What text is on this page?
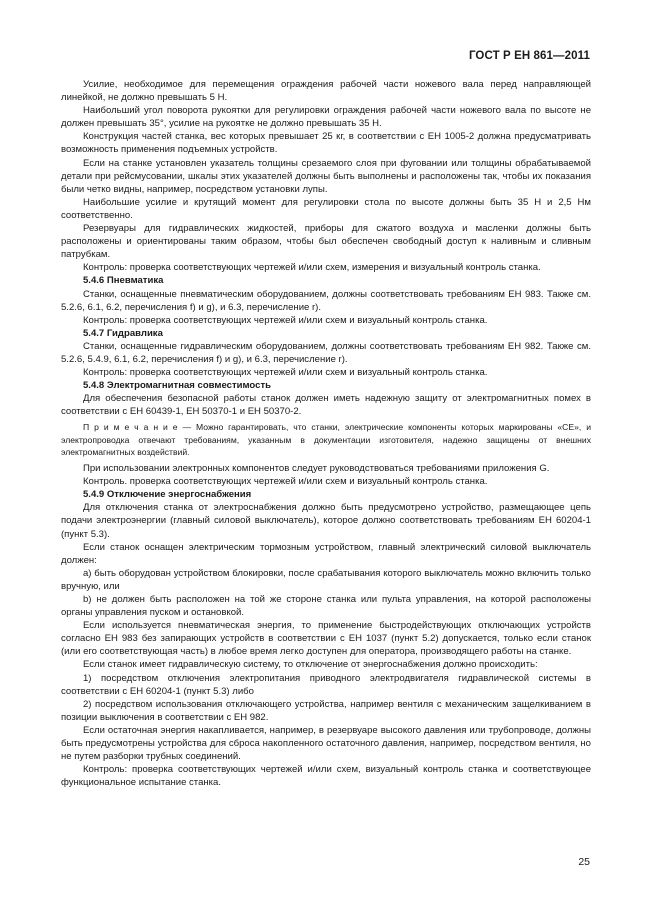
ГОСТ Р ЕН 861—2011

Усилие, необходимое для перемещения ограждения рабочей части ножевого вала перед направляющей линейкой, не должно превышать 5 Н.

Наибольший угол поворота рукоятки для регулировки ограждения рабочей части ножевого вала по высоте не должен превышать 35°, усилие на рукоятке не должно превышать 35 Н.

Конструкция частей станка, вес которых превышает 25 кг, в соответствии с ЕН 1005-2 должна предусматривать возможность применения подъемных устройств.

Если на станке установлен указатель толщины срезаемого слоя при фуговании или толщины обрабатываемой детали при рейсмусовании, шкалы этих указателей должны быть выполнены и расположены так, чтобы их показания были четко видны, например, посредством установки лупы.

Наибольшие усилие и крутящий момент для регулировки стола по высоте должны быть 35 Н и 2,5 Нм соответственно.

Резервуары для гидравлических жидкостей, приборы для сжатого воздуха и масленки должны быть расположены и ориентированы таким образом, чтобы был обеспечен свободный доступ к наливным и сливным патрубкам.

Контроль: проверка соответствующих чертежей и/или схем, измерения и визуальный контроль станка.

5.4.6 Пневматика

Станки, оснащенные пневматическим оборудованием, должны соответствовать требованиям ЕН 983. Также см. 5.2.6, 6.1, 6.2, перечисления f) и g), и 6.3, перечисление r).

Контроль: проверка соответствующих чертежей и/или схем и визуальный контроль станка.

5.4.7 Гидравлика

Станки, оснащенные гидравлическим оборудованием, должны соответствовать требованиям ЕН 982. Также см. 5.2.6, 5.4.9, 6.1, 6.2, перечисления f) и g), и 6.3, перечисление r).

Контроль: проверка соответствующих чертежей и/или схем и визуальный контроль станка.

5.4.8 Электромагнитная совместимость

Для обеспечения безопасной работы станок должен иметь надежную защиту от электромагнитных помех в соответствии с ЕН 60439-1, ЕН 50370-1 и ЕН 50370-2.

П р и м е ч а н и е — Можно гарантировать, что станки, электрические компоненты которых маркированы «СЕ», и электропроводка отвечают требованиям, указанным в документации изготовителя, надежно защищены от внешних электромагнитных воздействий.

При использовании электронных компонентов следует руководствоваться требованиями приложения G.

Контроль. проверка соответствующих чертежей и/или схем и визуальный контроль станка.

5.4.9 Отключение энергоснабжения

Для отключения станка от электроснабжения должно быть предусмотрено устройство, размещающее цепь подачи электроэнергии (главный силовой выключатель), которое должно соответствовать требованиям ЕН 60204-1 (пункт 5.3).

Если станок оснащен электрическим тормозным устройством, главный электрический силовой выключатель должен:

а) быть оборудован устройством блокировки, после срабатывания которого выключатель можно включить только вручную, или

b) не должен быть расположен на той же стороне станка или пульта управления, на которой расположены органы управления пуском и остановкой.

Если используется пневматическая энергия, то применение быстродействующих отключающих устройств согласно ЕН 983 без запирающих устройств в соответствии с ЕН 1037 (пункт 5.2) допускается, только если станок (или его соответствующая часть) в любое время легко доступен для оператора, производящего работы на станке.

Если станок имеет гидравлическую систему, то отключение от энергоснабжения должно происходить:

1) посредством отключения электропитания приводного электродвигателя гидравлической системы в соответствии с ЕН 60204-1 (пункт 5.3) либо

2) посредством использования отключающего устройства, например вентиля с механическим защелкиванием в позиции выключения в соответствии с ЕН 982.

Если остаточная энергия накапливается, например, в резервуаре высокого давления или трубопроводе, должны быть предусмотрены устройства для сброса накопленного остаточного давления, например, посредством вентиля, но не путем разборки трубных соединений.

Контроль: проверка соответствующих чертежей и/или схем, визуальный контроль станка и соответствующее функциональное испытание станка.

25
